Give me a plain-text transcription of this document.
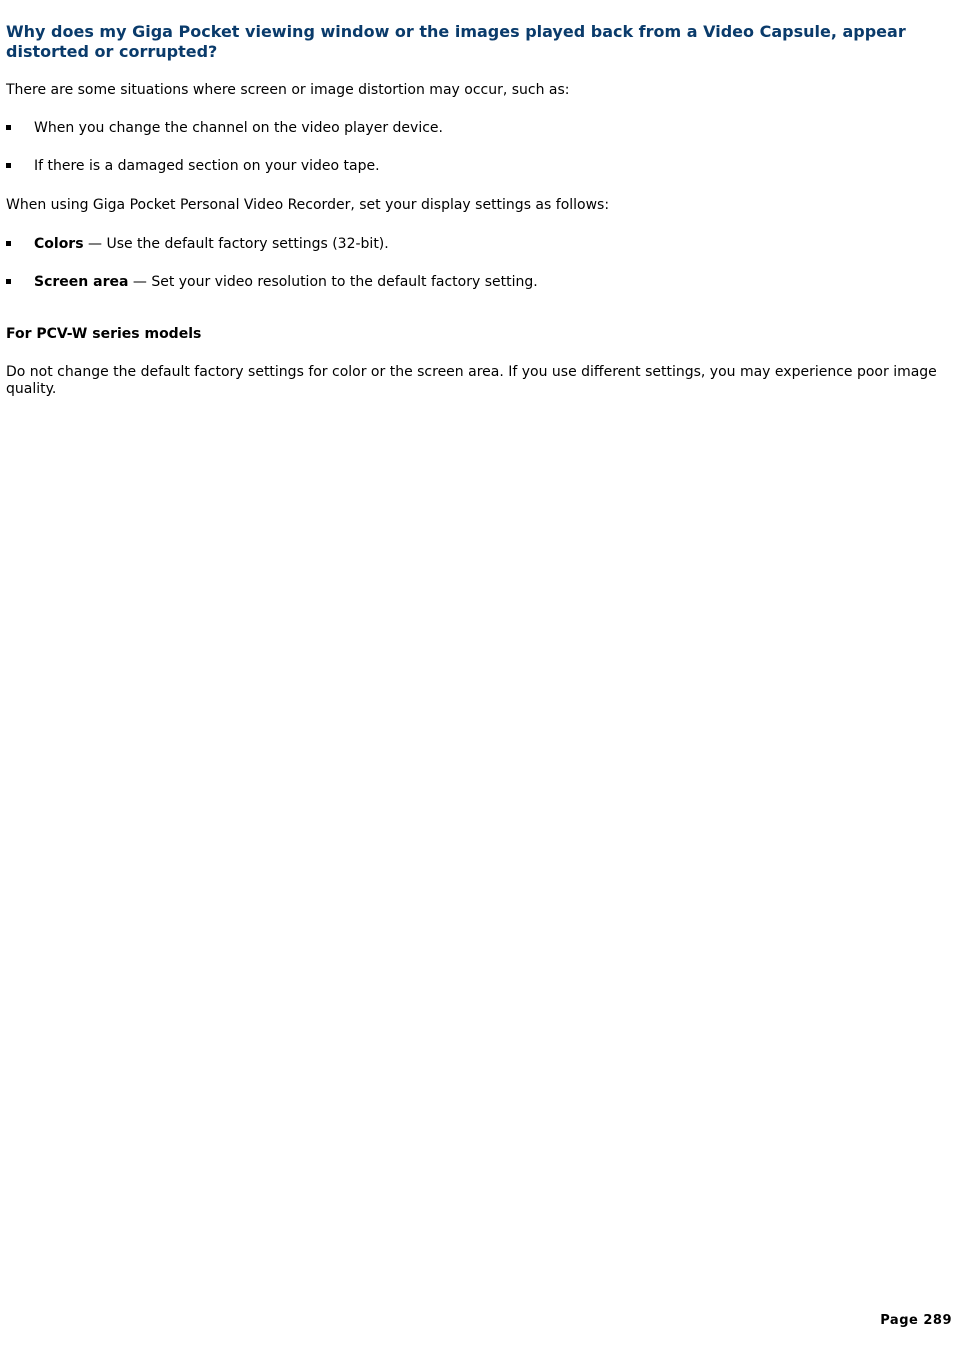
Why does my Giga Pocket viewing window or the images played back from a Video Capsule, appear distorted or corrupted?

There are some situations where screen or image distortion may occur, such as:

When you change the channel on the video player device.
If there is a damaged section on your video tape.

When using Giga Pocket Personal Video Recorder, set your display settings as follows:

Colors — Use the default factory settings (32-bit).
Screen area — Set your video resolution to the default factory setting.
For PCV-W series models

Do not change the default factory settings for color or the screen area. If you use different settings, you may experience poor image quality.

Page 289
